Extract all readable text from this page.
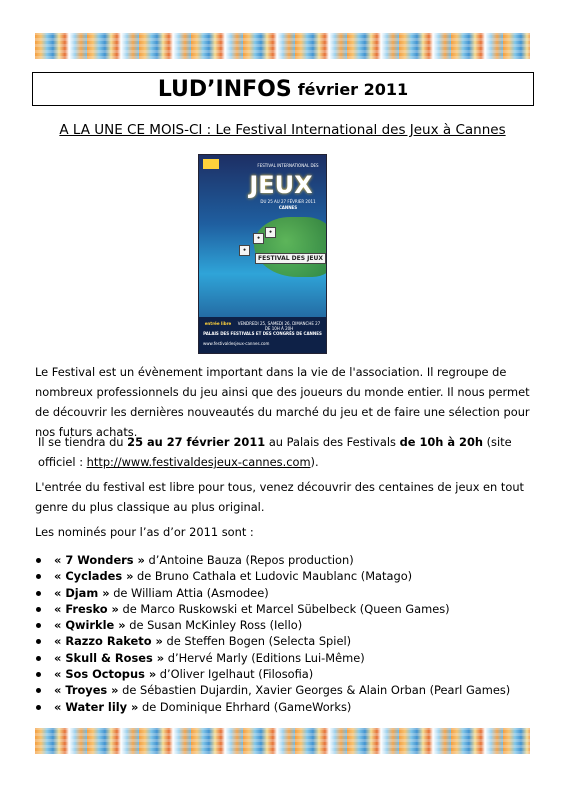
LUD’INFOS février 2011
A LA UNE CE MOIS-CI : Le Festival International des Jeux à Cannes
FESTIVAL INTERNATIONAL DES
JEUX
DU 25 AU 27 FÉVRIER 2011
CANNES
•
•
•
FESTIVAL DES JEUX
entrée libre	VENDREDI 25, SAMEDI 26, DIMANCHE 27 DE 10H À 20H
PALAIS DES FESTIVALS ET DES CONGRÈS DE CANNES
www.festivaldesjeux-cannes.com
Le Festival est un évènement important dans la vie de l'association. Il regroupe de nombreux professionnels du jeu ainsi que des joueurs du monde entier. Il nous permet de découvrir les dernières nouveautés du marché du jeu et de faire une sélection pour nos futurs achats.
Il se tiendra du 25 au 27 février 2011 au Palais des Festivals de 10h à 20h (site officiel : http://www.festivaldesjeux-cannes.com).
L'entrée du festival est libre pour tous, venez découvrir des centaines de jeux en tout genre du plus classique au plus original.
Les nominés pour l’as d’or 2011 sont :
« 7 Wonders » d’Antoine Bauza (Repos production)
« Cyclades » de Bruno Cathala et Ludovic Maublanc (Matago)
« Djam » de William Attia (Asmodee)
« Fresko » de Marco Ruskowski et Marcel Sübelbeck (Queen Games)
« Qwirkle » de Susan McKinley Ross (Iello)
« Razzo Raketo » de Steffen Bogen (Selecta Spiel)
« Skull & Roses » d’Hervé Marly (Editions Lui-Même)
« Sos Octopus » d’Oliver Igelhaut (Filosofia)
« Troyes » de Sébastien Dujardin, Xavier Georges & Alain Orban (Pearl Games)
« Water lily » de Dominique Ehrhard (GameWorks)
